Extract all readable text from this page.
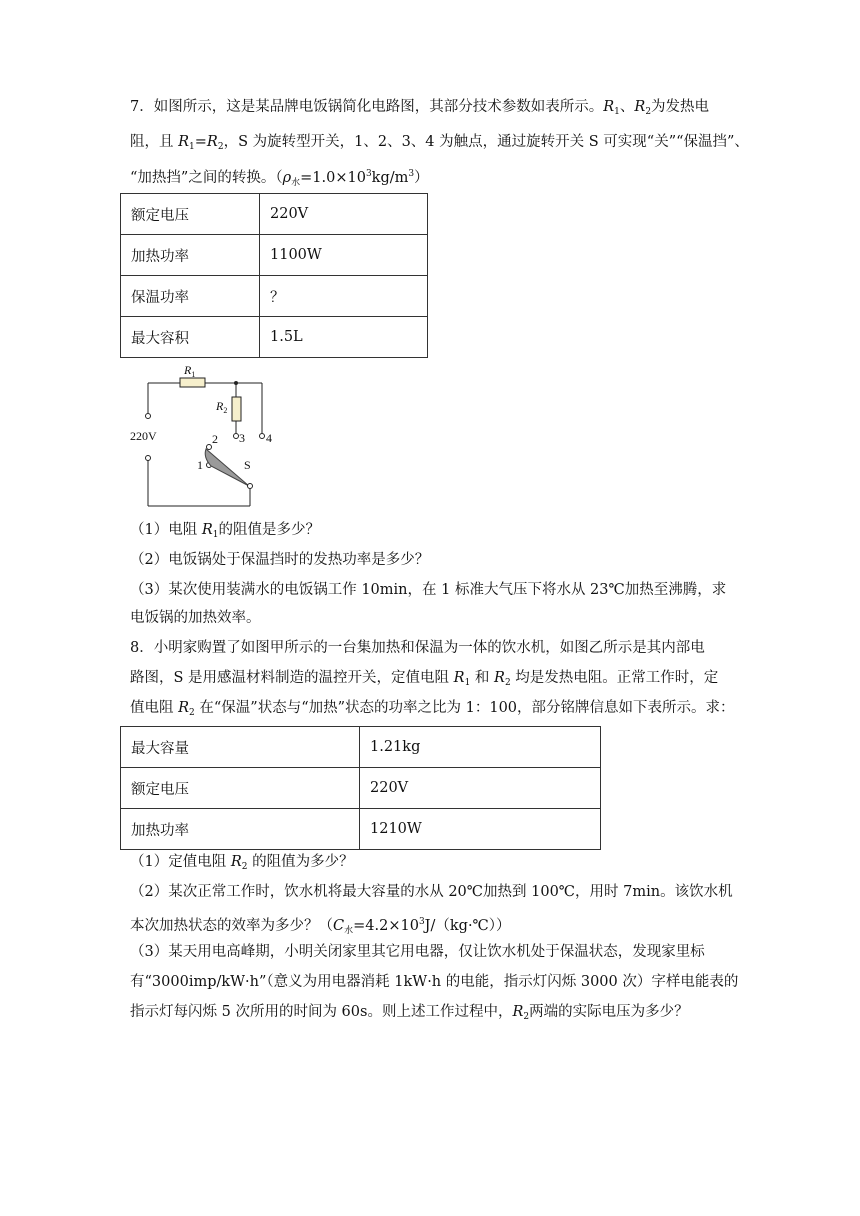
7．如图所示，这是某品牌电饭锅简化电路图，其部分技术参数如表所示。$R_1$、$R_2$为发热电
阻，且 $R_1=R_2$，S 为旋转型开关，1、2、3、4 为触点，通过旋转开关 S 可实现“关”“保温挡”、
“加热挡”之间的转换。$(\rho_水=1.0\times 10^3kg/m^3)$
额定电压	220V
加热功率	1100W
保温功率	？
最大容积	1.5L
$R_1$
$R_2$
220V	2 3 4
1	S
（1）电阻 $R_1$的阻值是多少？
（2）电饭锅处于保温挡时的发热功率是多少？
（3）某次使用装满水的电饭锅工作 10min，在 1 标准大气压下将水从 23℃加热至沸腾，求
电饭锅的加热效率。
8．小明家购置了如图甲所示的一台集加热和保温为一体的饮水机，如图乙所示是其内部电
路图，S 是用感温材料制造的温控开关，定值电阻 $R_1$ 和 $R_2$ 均是发热电阻。正常工作时，定
值电阻 $R_2$ 在“保温”状态与“加热”状态的功率之比为 1：100，部分铭牌信息如下表所示。求：
最大容量	1.21kg
额定电压	220V
加热功率	1210W
（1）定值电阻 $R_2$ 的阻值为多少？
（2）某次正常工作时，饮水机将最大容量的水从 20℃加热到 100℃，用时 7min。该饮水机
本次加热状态的效率为多少？$(C_水=4.2\times 10^3J/(kg\cdot℃))$
（3）某天用电高峰期，小明关闭家里其它用电器，仅让饮水机处于保温状态，发现家里标
有“3000imp/kW·h”（意义为用电器消耗 1kW·h 的电能，指示灯闪烁 3000 次）字样电能表的
指示灯每闪烁 5 次所用的时间为 60s。则上述工作过程中，$R_2$两端的实际电压为多少？
